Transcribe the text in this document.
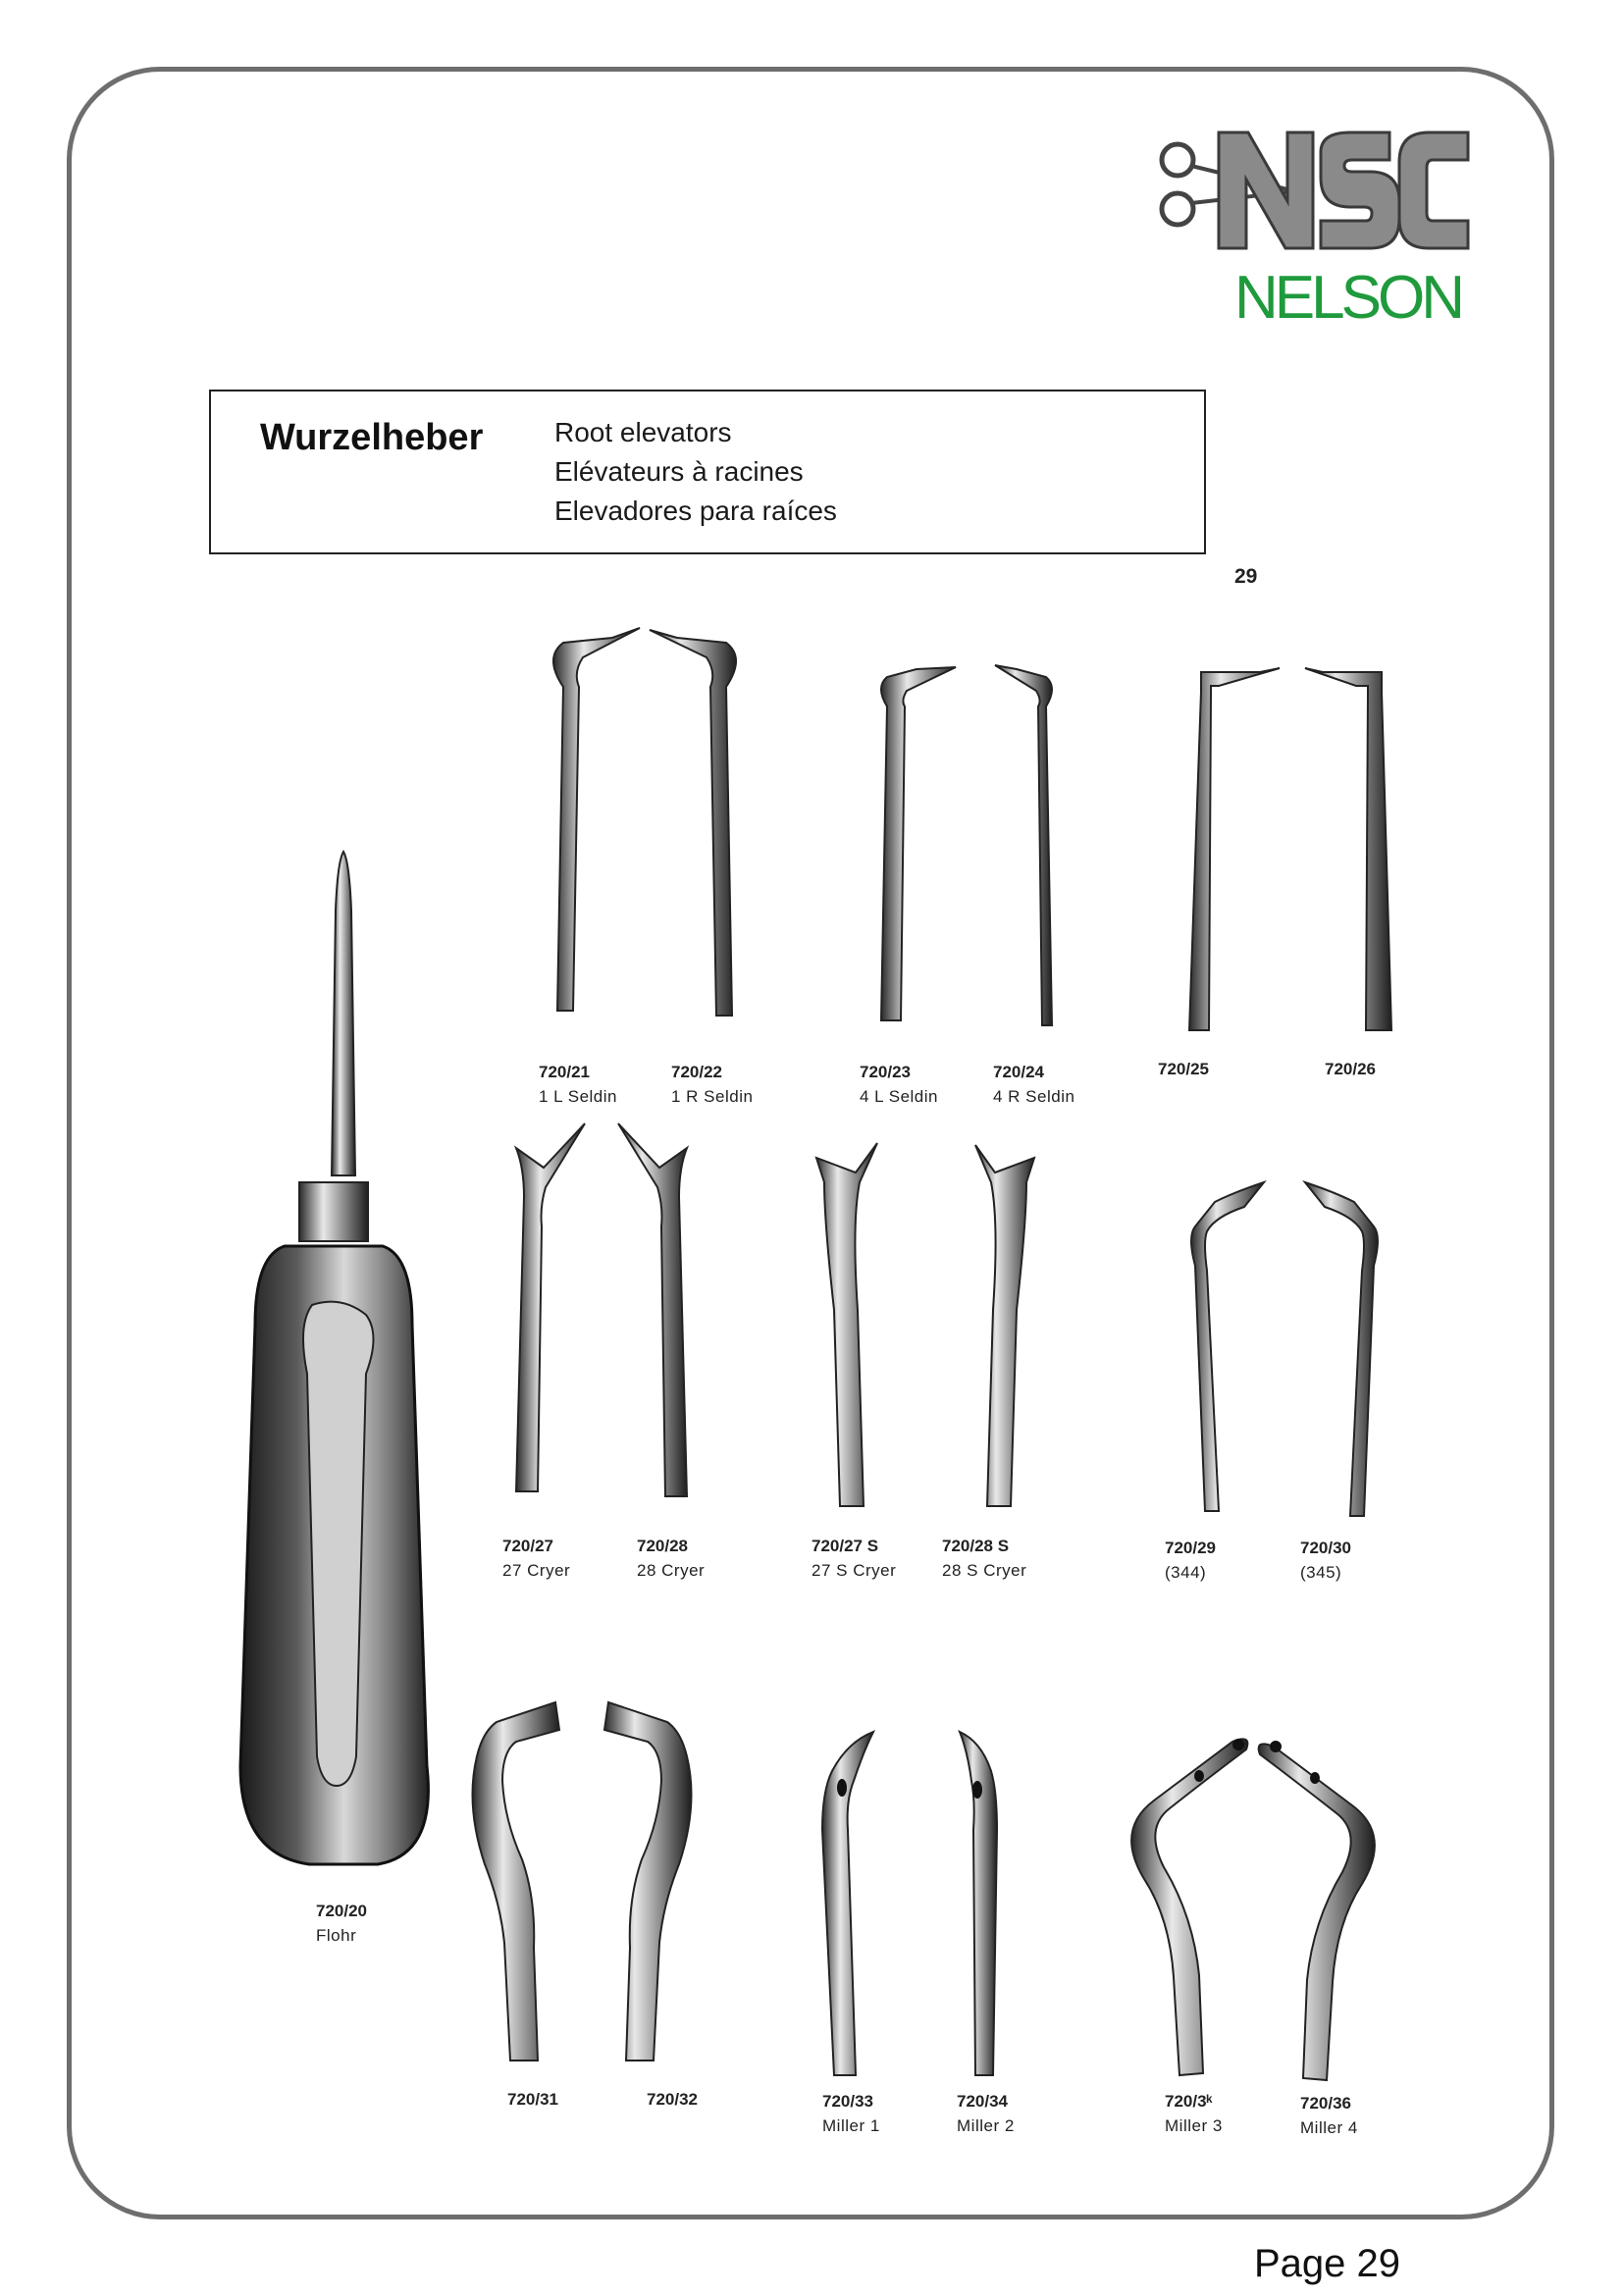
NELSON
Wurzelheber	Root elevators
Elévateurs à racines
Elevadores para raíces
29
720/21
1 L Seldin
720/22
1 R Seldin
720/23
4 L Seldin
720/24
4 R Seldin
720/25	720/26
720/27
27 Cryer
720/28
28 Cryer
720/27 S
27 S Cryer
720/28 S
28 S Cryer
720/29
(344)
720/30
(345)
720/20
Flohr
720/31	720/32	720/33
Miller 1
720/34
Miller 2
720/3ᵏ
Miller 3
720/36
Miller 4
Page 29
